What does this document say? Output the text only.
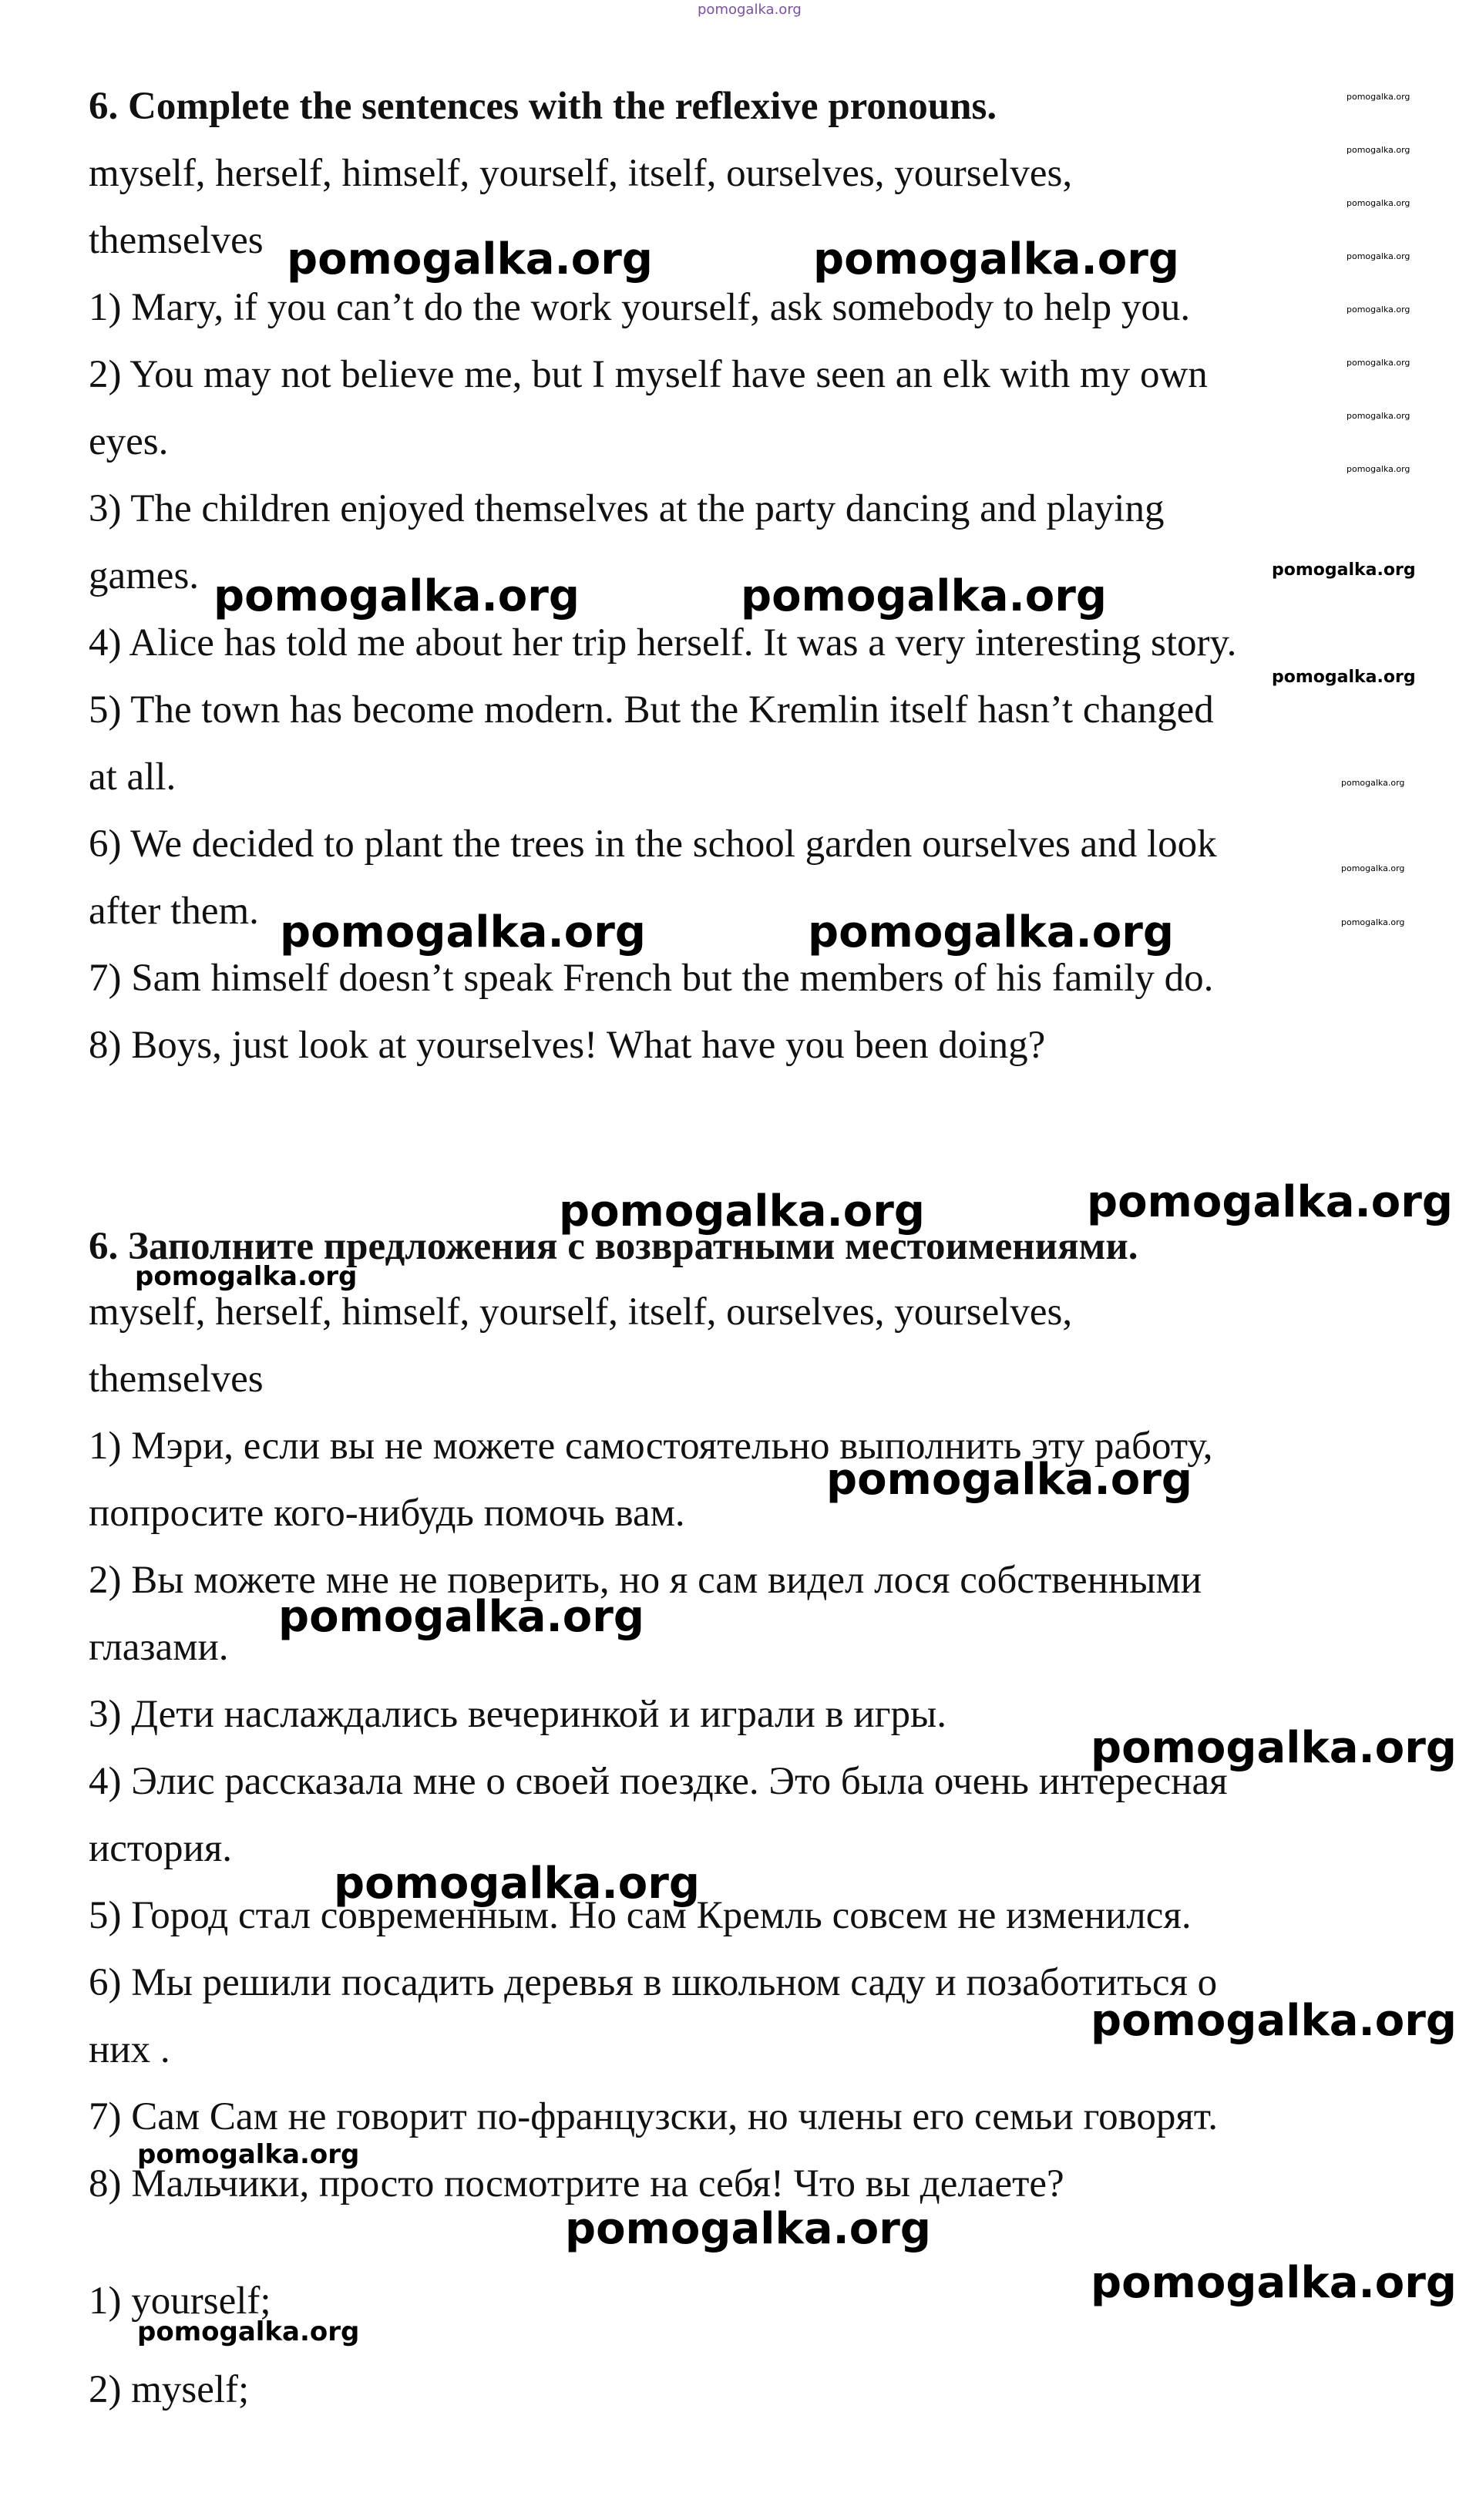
pomogalka.org
6. Complete the sentences with the reflexive pronouns.
myself, herself, himself, yourself, itself, ourselves, yourselves,
themselves
1) Mary, if you can’t do the work yourself, ask somebody to help you.
2) You may not believe me, but I myself have seen an elk with my own
eyes.
3) The children enjoyed themselves at the party dancing and playing
games.
4) Alice has told me about her trip herself. It was a very interesting story.
5) The town has become modern. But the Kremlin itself hasn’t changed
at all.
6) We decided to plant the trees in the school garden ourselves and look
after them.
7) Sam himself doesn’t speak French but the members of his family do.
8) Boys, just look at yourselves! What have you been doing?
6. Заполните предложения с возвратными местоимениями.
myself, herself, himself, yourself, itself, ourselves, yourselves,
themselves
1) Мэри, если вы не можете самостоятельно выполнить эту работу,
попросите кого-нибудь помочь вам.
2) Вы можете мне не поверить, но я сам видел лося собственными
глазами.
3) Дети наслаждались вечеринкой и играли в игры.
4) Элис рассказала мне о своей поездке. Это была очень интересная
история.
5) Город стал современным. Но сам Кремль совсем не изменился.
6) Мы решили посадить деревья в школьном саду и позаботиться о
них .
7) Сам Сам не говорит по-французски, но члены его семьи говорят.
8) Мальчики, просто посмотрите на себя! Что вы делаете?
1) yourself;
2) myself;
pomogalka.org	pomogalka.org
pomogalka.org	pomogalka.org
pomogalka.org	pomogalka.org
pomogalka.org	pomogalka.org
pomogalka.org
pomogalka.org
pomogalka.org
pomogalka.org
pomogalka.org
pomogalka.org
pomogalka.org
pomogalka.org
pomogalka.org
pomogalka.org
pomogalka.org
pomogalka.org
pomogalka.org
pomogalka.org
pomogalka.org
pomogalka.org
pomogalka.org
pomogalka.org
pomogalka.org
pomogalka.org
pomogalka.org
pomogalka.org
pomogalka.org
